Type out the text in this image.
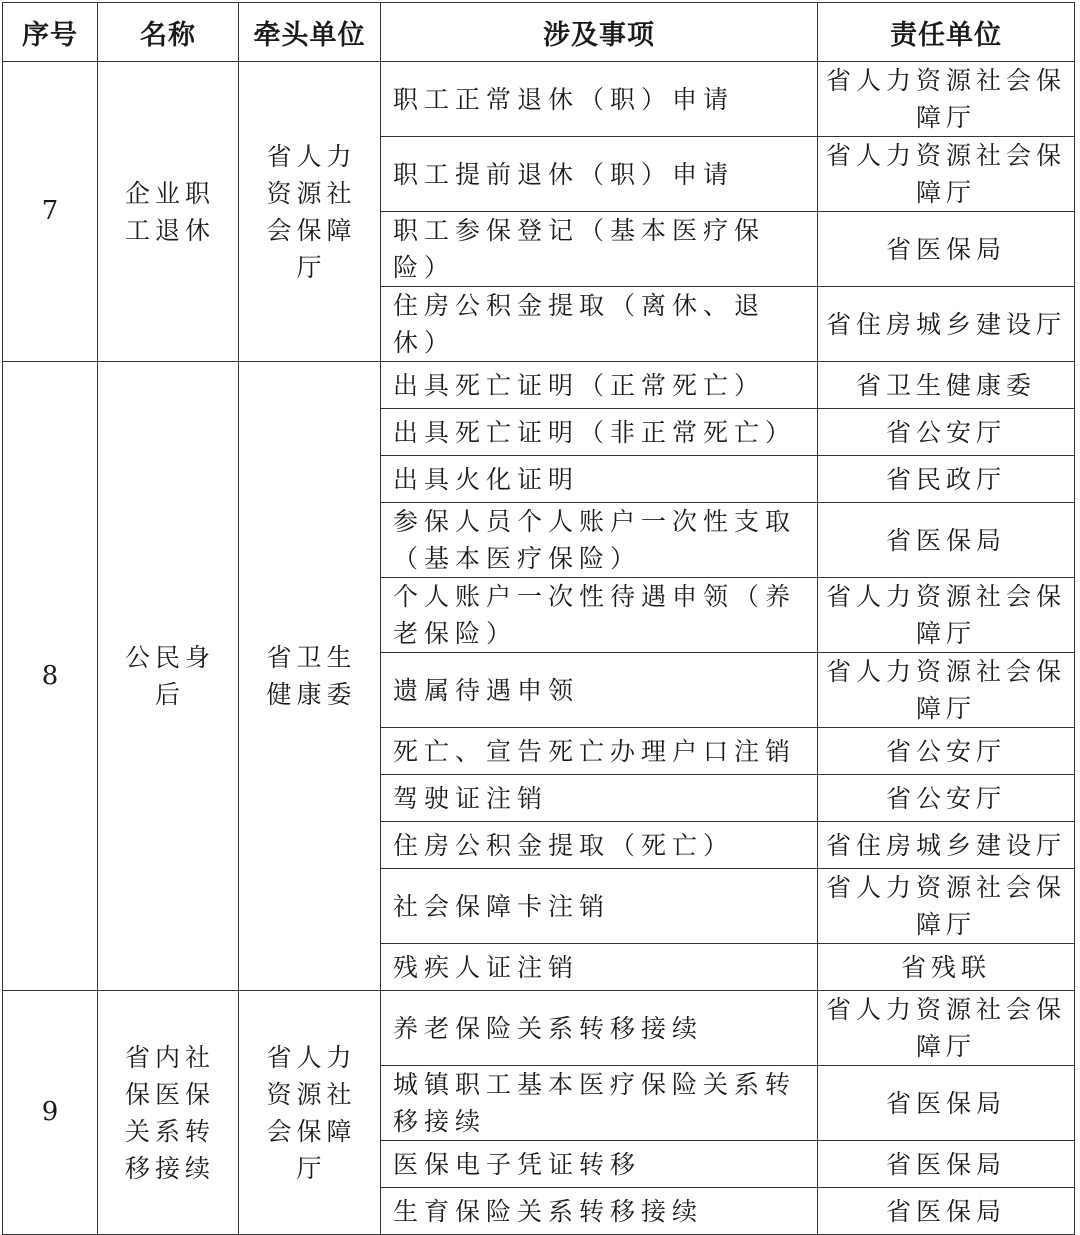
序号	名称	牵头单位	涉及事项	责任单位
7	企业职工退休	省人力资源社会保障厅	职工正常退休（职）申请	省人力资源社会保障厅
			职工提前退休（职）申请	省人力资源社会保障厅
			职工参保登记（基本医疗保险）	省医保局
			住房公积金提取（离休、退休）	省住房城乡建设厅
8	公民身后	省卫生健康委	出具死亡证明（正常死亡）	省卫生健康委
			出具死亡证明（非正常死亡）	省公安厅
			出具火化证明	省民政厅
			参保人员个人账户一次性支取（基本医疗保险）	省医保局
			个人账户一次性待遇申领（养老保险）	省人力资源社会保障厅
			遗属待遇申领	省人力资源社会保障厅
			死亡、宣告死亡办理户口注销	省公安厅
			驾驶证注销	省公安厅
			住房公积金提取（死亡）	省住房城乡建设厅
			社会保障卡注销	省人力资源社会保障厅
			残疾人证注销	省残联
9	省内社保医保关系转移接续	省人力资源社会保障厅	养老保险关系转移接续	省人力资源社会保障厅
			城镇职工基本医疗保险关系转移接续	省医保局
			医保电子凭证转移	省医保局
			生育保险关系转移接续	省医保局
